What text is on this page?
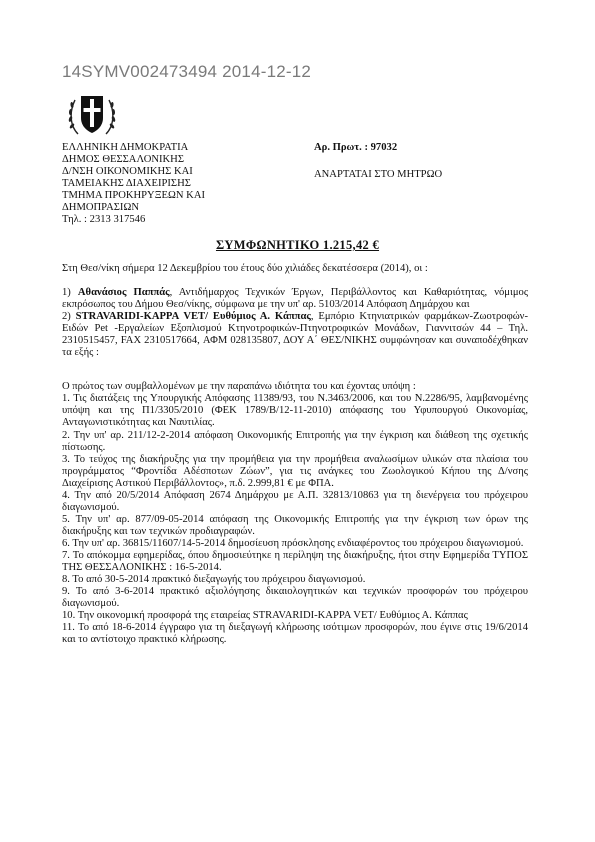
14SYMV002473494 2014-12-12
ΕΛΛΗΝΙΚΗ ΔΗΜΟΚΡΑΤΙΑ
ΔΗΜΟΣ ΘΕΣΣΑΛΟΝΙΚΗΣ
Δ/ΝΣΗ ΟΙΚΟΝΟΜΙΚΗΣ ΚΑΙ
ΤΑΜΕΙΑΚΗΣ ΔΙΑΧΕΙΡΙΣΗΣ
ΤΜΗΜΑ ΠΡΟΚΗΡΥΞΕΩΝ ΚΑΙ
ΔΗΜΟΠΡΑΣΙΩΝ
Τηλ. : 2313 317546
Αρ. Πρωτ. : 97032
ΑΝΑΡΤΑΤΑΙ ΣΤΟ ΜΗΤΡΩΟ
ΣΥΜΦΩΝΗΤΙΚΟ 1.215,42 €

Στη Θεσ/νίκη σήμερα 12 Δεκεμβρίου του έτους δύο χιλιάδες δεκατέσσερα (2014), οι :

1) Αθανάσιος Παππάς, Αντιδήμαρχος Τεχνικών Έργων, Περιβάλλοντος και Καθαριότητας, νόμιμος εκπρόσωπος του Δήμου Θεσ/νίκης, σύμφωνα με την υπ' αρ. 5103/2014 Απόφαση Δημάρχου και

2) STRAVARIDI-KAPPA VET/ Ευθύμιος Α. Κάππας, Εμπόριο Κτηνιατρικών φαρμάκων-Ζωοτροφών- Ειδών Pet -Εργαλείων Εξοπλισμού Κτηνοτροφικών-Πτηνοτροφικών Μονάδων, Γιαννιτσών 44 – Τηλ. 2310515457, FAX 2310517664, ΑΦΜ 028135807, ΔΟΥ Α΄ ΘΕΣ/ΝΙΚΗΣ συμφώνησαν και συναποδέχθηκαν τα εξής :

Ο πρώτος των συμβαλλομένων με την παραπάνω ιδιότητα του και έχοντας υπόψη :

1. Τις διατάξεις της Υπουργικής Απόφασης 11389/93, του Ν.3463/2006, και του Ν.2286/95, λαμβανομένης υπόψη και της Π1/3305/2010 (ΦΕΚ 1789/Β/12-11-2010) απόφασης του Υφυπουργού Οικονομίας, Ανταγωνιστικότητας και Ναυτιλίας.

2. Την υπ' αρ. 211/12-2-2014 απόφαση Οικονομικής Επιτροπής για την έγκριση και διάθεση της σχετικής πίστωσης.

3. Το τεύχος της διακήρυξης για την προμήθεια για την προμήθεια αναλωσίμων υλικών στα πλαίσια του προγράμματος “Φροντίδα Αδέσποτων Ζώων”, για τις ανάγκες του Ζωολογικού Κήπου της Δ/νσης Διαχείρισης Αστικού Περιβάλλοντος», π.δ. 2.999,81 € με ΦΠΑ.

4. Την από 20/5/2014 Απόφαση 2674 Δημάρχου με Α.Π. 32813/10863 για τη διενέργεια του πρόχειρου διαγωνισμού.

5. Την υπ' αρ. 877/09-05-2014 απόφαση της Οικονομικής Επιτροπής για την έγκριση των όρων της διακήρυξης και των τεχνικών προδιαγραφών.

6. Την υπ' αρ. 36815/11607/14-5-2014 δημοσίευση πρόσκλησης ενδιαφέροντος του πρόχειρου διαγωνισμού.

7. Το απόκομμα εφημερίδας, όπου δημοσιεύτηκε η περίληψη της διακήρυξης, ήτοι στην Εφημερίδα ΤΥΠΟΣ ΤΗΣ ΘΕΣΣΑΛΟΝΙΚΗΣ : 16-5-2014.

8. Το από 30-5-2014 πρακτικό διεξαγωγής του πρόχειρου διαγωνισμού.

9. Το από 3-6-2014 πρακτικό αξιολόγησης δικαιολογητικών και τεχνικών προσφορών του πρόχειρου διαγωνισμού.

10. Την οικονομική προσφορά της εταιρείας STRAVARIDI-KAPPA VET/ Ευθύμιος Α. Κάππας

11. Το από 18-6-2014 έγγραφο για τη διεξαγωγή κλήρωσης ισότιμων προσφορών, που έγινε στις 19/6/2014 και το αντίστοιχο πρακτικό κλήρωσης.
